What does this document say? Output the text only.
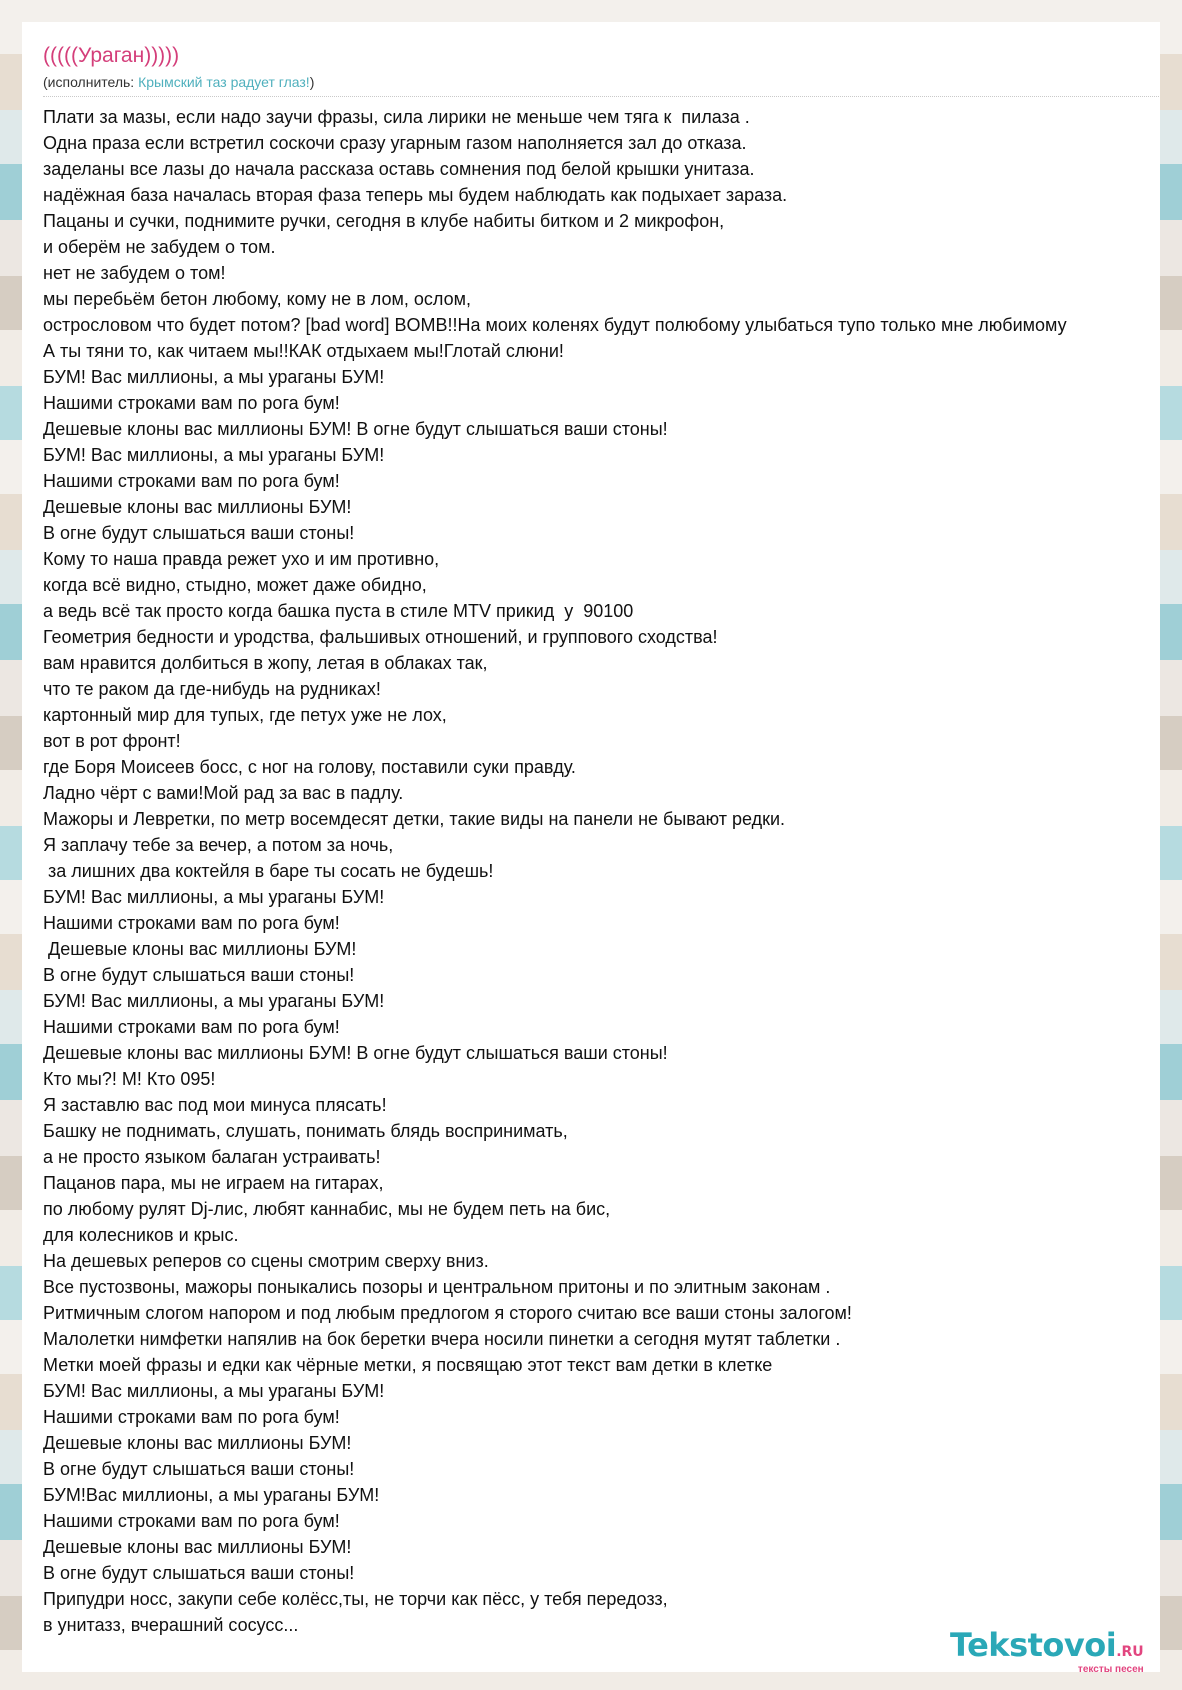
(((((Ураган)))))
(исполнитель: Крымский таз радует глаз!)
Плати за мазы, если надо заучи фразы, сила лирики не меньше чем тяга к  пилаза .
Одна праза если встретил соскочи сразу угарным газом наполняется зал до отказа.
заделаны все лазы до начала рассказа оставь сомнения под белой крышки унитаза.
надёжная база началась вторая фаза теперь мы будем наблюдать как подыхает зараза.
Пацаны и сучки, поднимите ручки, сегодня в клубе набиты битком и 2 микрофон,
и оберём не забудем о том.
нет не забудем о том!
мы перебьём бетон любому, кому не в лом, ослом,
острословом что будет потом? [bad word] BOMB!!На моих коленях будут полюбому улыбаться тупо только мне любимому
А ты тяни то, как читаем мы!!КАК отдыхаем мы!Глотай слюни!
БУМ! Вас миллионы, а мы ураганы БУМ!
Нашими строками вам по рога бум!
Дешевые клоны вас миллионы БУМ! В огне будут слышаться ваши стоны!
БУМ! Вас миллионы, а мы ураганы БУМ!
Нашими строками вам по рога бум!
Дешевые клоны вас миллионы БУМ!
В огне будут слышаться ваши стоны!
Кому то наша правда режет ухо и им противно,
когда всё видно, стыдно, может даже обидно,
а ведь всё так просто когда башка пуста в стиле MTV прикид  у  90100
Геометрия бедности и уродства, фальшивых отношений, и группового сходства!
вам нравится долбиться в жопу, летая в облаках так,
что те раком да где-нибудь на рудниках!
картонный мир для тупых, где петух уже не лох,
вот в рот фронт!
где Боря Моисеев босс, с ног на голову, поставили суки правду.
Ладно чёрт с вами!Мой рад за вас в падлу.
Мажоры и Левретки, по метр восемдесят детки, такие виды на панели не бывают редки.
Я заплачу тебе за вечер, а потом за ночь,
за лишних два коктейля в баре ты сосать не будешь!
БУМ! Вас миллионы, а мы ураганы БУМ!
Нашими строками вам по рога бум!
Дешевые клоны вас миллионы БУМ!
В огне будут слышаться ваши стоны!
БУМ! Вас миллионы, а мы ураганы БУМ!
Нашими строками вам по рога бум!
Дешевые клоны вас миллионы БУМ! В огне будут слышаться ваши стоны!
Кто мы?! М! Кто 095!
Я заставлю вас под мои минуса плясать!
Башку не поднимать, слушать, понимать блядь воспринимать,
а не просто языком балаган устраивать!
Пацанов пара, мы не играем на гитарах,
по любому рулят Dj-лис, любят каннабис, мы не будем петь на бис,
для колесников и крыс.
На дешевых реперов со сцены смотрим сверху вниз.
Все пустозвоны, мажоры поныкались позоры и центральном притоны и по элитным законам .
Ритмичным слогом напором и под любым предлогом я сторого считаю все ваши стоны залогом!
Малолетки нимфетки напялив на бок беретки вчера носили пинетки а сегодня мутят таблетки .
Метки моей фразы и едки как чёрные метки, я посвящаю этот текст вам детки в клетке
БУМ! Вас миллионы, а мы ураганы БУМ!
Нашими строками вам по рога бум!
Дешевые клоны вас миллионы БУМ!
В огне будут слышаться ваши стоны!
БУМ!Вас миллионы, а мы ураганы БУМ!
Нашими строками вам по рога бум!
Дешевые клоны вас миллионы БУМ!
В огне будут слышаться ваши стоны!
Припудри носс, закупи себе колёсс,ты, не торчи как пёсс, у тебя передозз,
в унитазз, вчерашний сосусс...
Tekstovoi.RU
тексты песен
